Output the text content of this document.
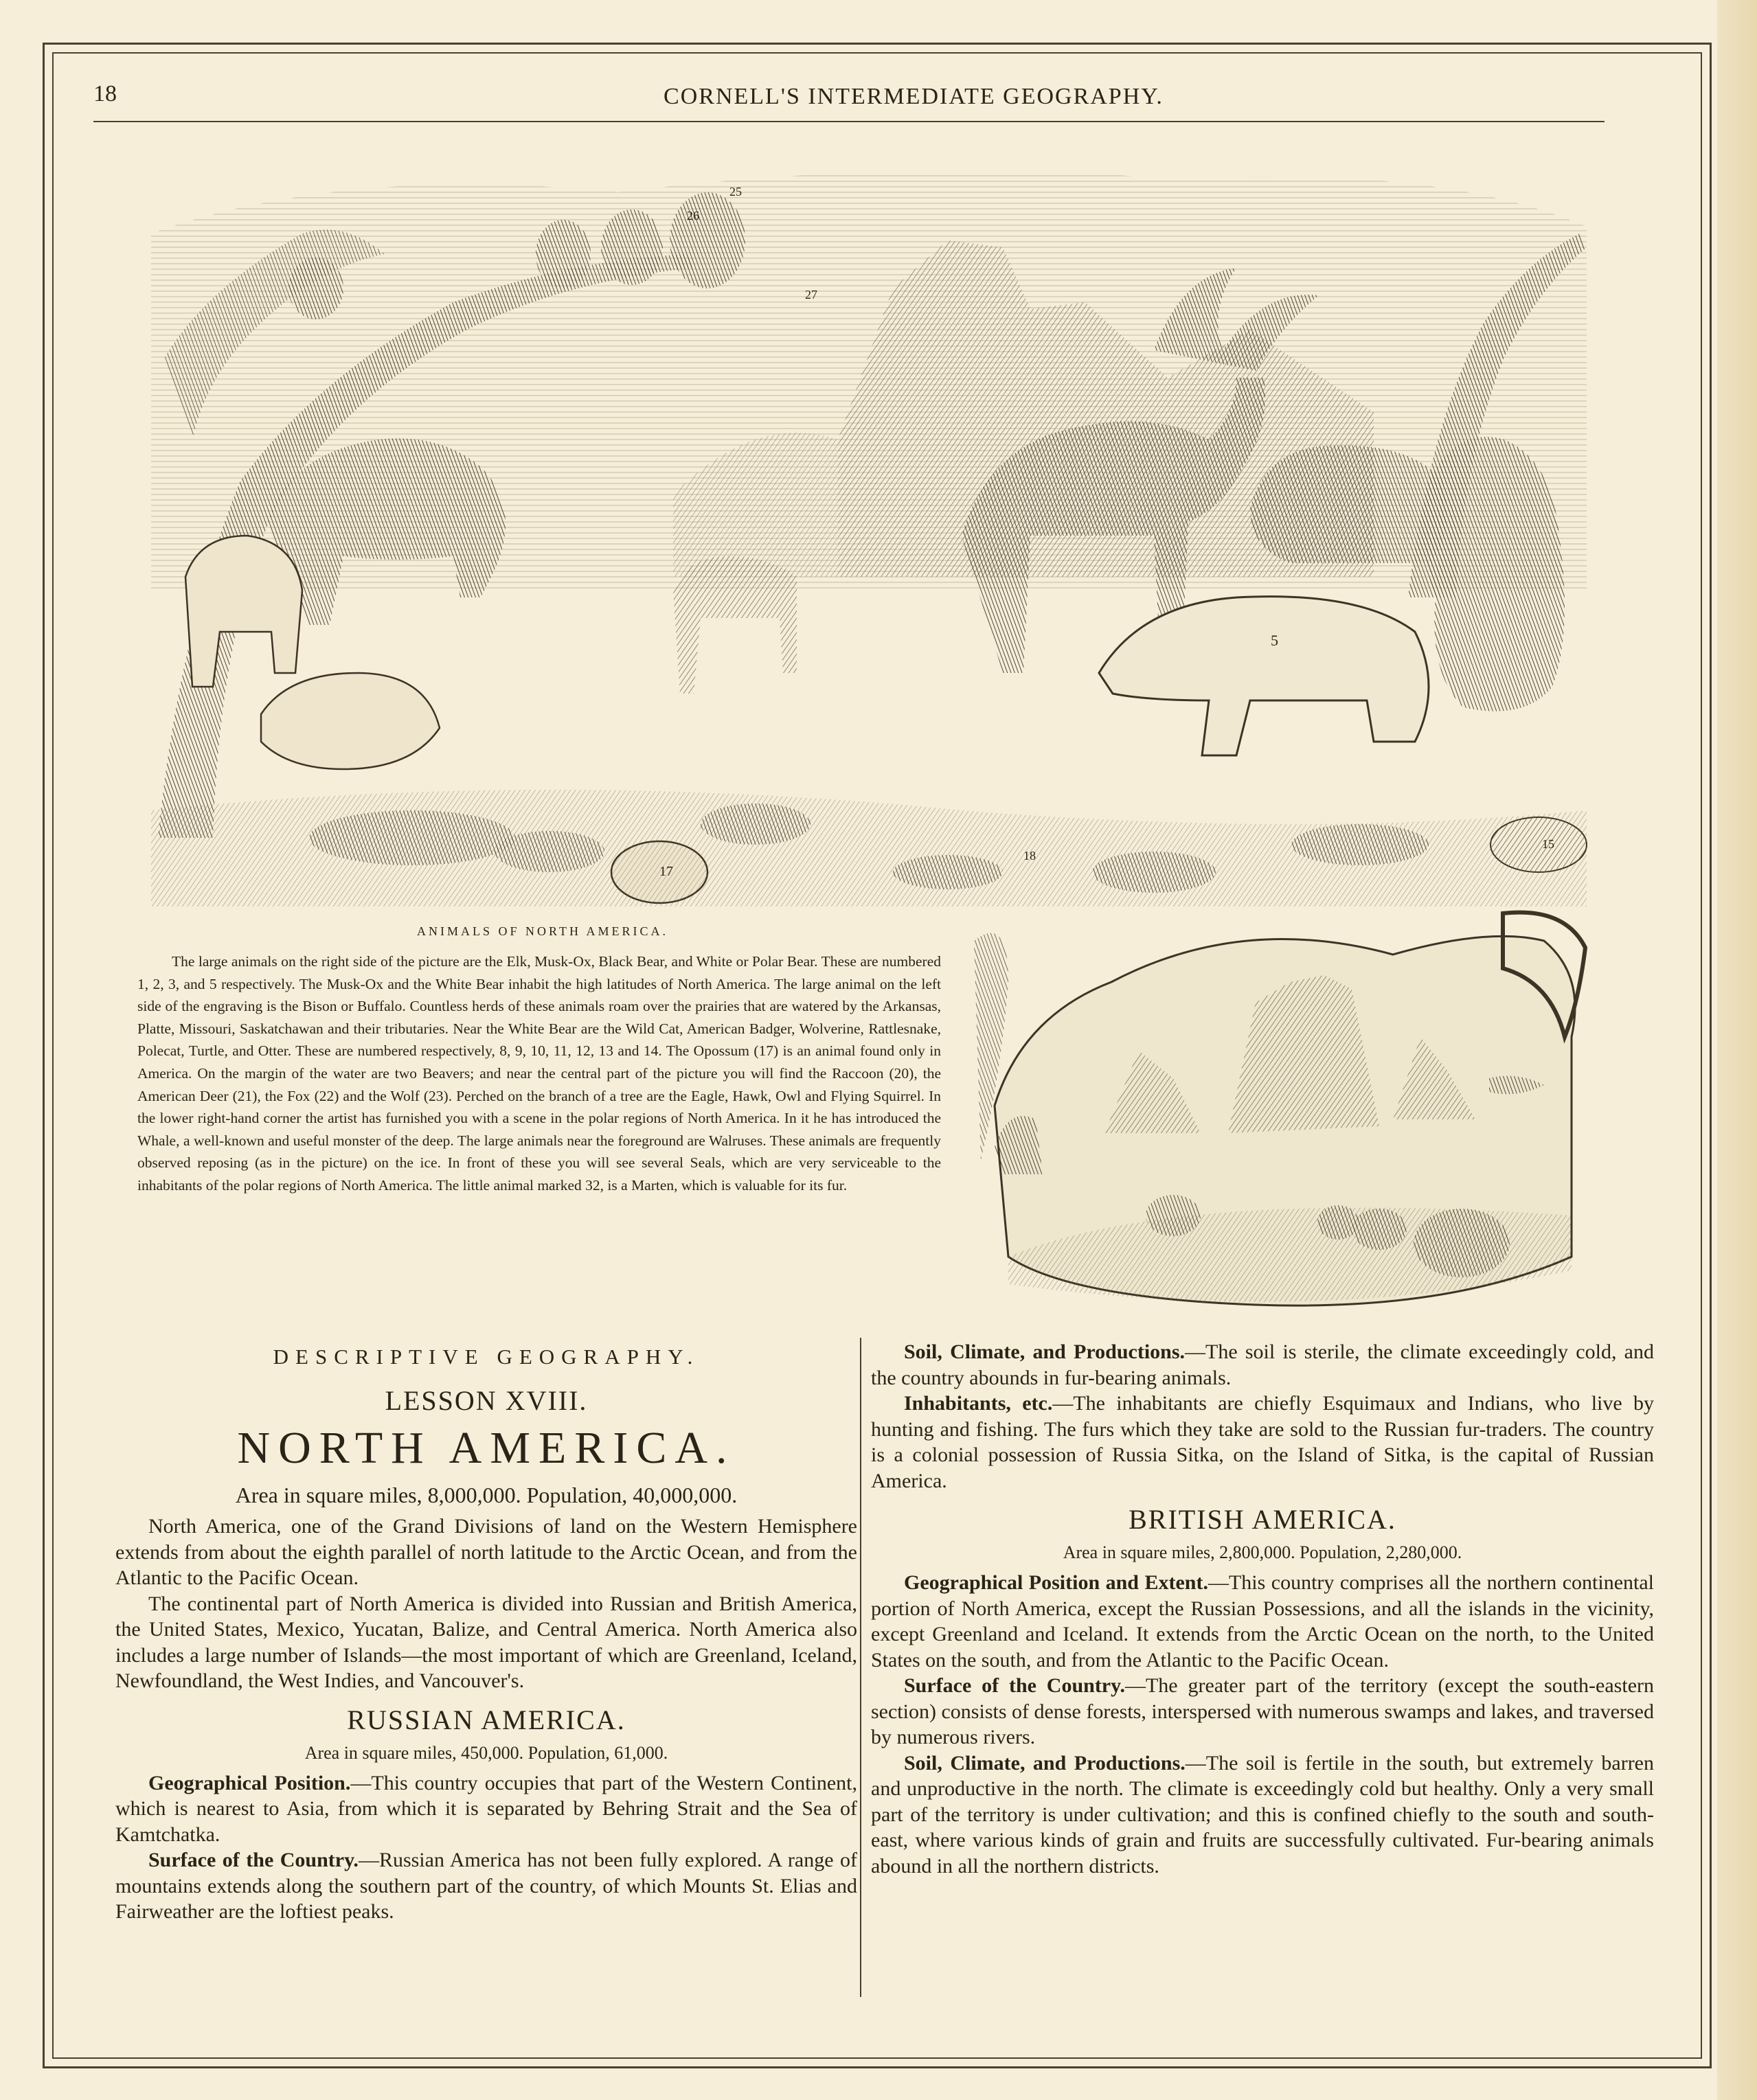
18	CORNELL'S INTERMEDIATE GEOGRAPHY.
25
26
27
5
17
18
15
ANIMALS OF NORTH AMERICA.

The large animals on the right side of the picture are the Elk, Musk-Ox, Black Bear, and White or Polar Bear. These are numbered 1, 2, 3, and 5 respectively. The Musk-Ox and the White Bear inhabit the high latitudes of North America. The large animal on the left side of the engraving is the Bison or Buffalo. Countless herds of these animals roam over the prairies that are watered by the Arkansas, Platte, Missouri, Saskatchawan and their tributaries. Near the White Bear are the Wild Cat, American Badger, Wolverine, Rattlesnake, Polecat, Turtle, and Otter. These are numbered respectively, 8, 9, 10, 11, 12, 13 and 14. The Opossum (17) is an animal found only in America. On the margin of the water are two Beavers; and near the central part of the picture you will find the Raccoon (20), the American Deer (21), the Fox (22) and the Wolf (23). Perched on the branch of a tree are the Eagle, Hawk, Owl and Flying Squirrel. In the lower right-hand corner the artist has furnished you with a scene in the polar regions of North America. In it he has introduced the Whale, a well-known and useful monster of the deep. The large animals near the foreground are Walruses. These animals are frequently observed reposing (as in the picture) on the ice. In front of these you will see several Seals, which are very serviceable to the inhabitants of the polar regions of North America. The little animal marked 32, is a Marten, which is valuable for its fur.

DESCRIPTIVE GEOGRAPHY.
LESSON XVIII.
NORTH AMERICA.
Area in square miles, 8,000,000. Population, 40,000,000.

North America, one of the Grand Divisions of land on the Western Hemisphere extends from about the eighth parallel of north latitude to the Arctic Ocean, and from the Atlantic to the Pacific Ocean.

The continental part of North America is divided into Russian and British America, the United States, Mexico, Yucatan, Balize, and Central America. North America also includes a large number of Islands—the most important of which are Greenland, Iceland, Newfoundland, the West Indies, and Vancouver's.

RUSSIAN AMERICA.
Area in square miles, 450,000. Population, 61,000.

Geographical Position.—This country occupies that part of the Western Continent, which is nearest to Asia, from which it is separated by Behring Strait and the Sea of Kamtchatka.

Surface of the Country.—Russian America has not been fully explored. A range of mountains extends along the southern part of the country, of which Mounts St. Elias and Fairweather are the loftiest peaks.

Soil, Climate, and Productions.—The soil is sterile, the climate exceedingly cold, and the country abounds in fur-bearing animals.

Inhabitants, etc.—The inhabitants are chiefly Esquimaux and Indians, who live by hunting and fishing. The furs which they take are sold to the Russian fur-traders. The country is a colonial possession of Russia Sitka, on the Island of Sitka, is the capital of Russian America.

BRITISH AMERICA.
Area in square miles, 2,800,000. Population, 2,280,000.

Geographical Position and Extent.—This country comprises all the northern continental portion of North America, except the Russian Possessions, and all the islands in the vicinity, except Greenland and Iceland. It extends from the Arctic Ocean on the north, to the United States on the south, and from the Atlantic to the Pacific Ocean.

Surface of the Country.—The greater part of the territory (except the south-eastern section) consists of dense forests, interspersed with numerous swamps and lakes, and traversed by numerous rivers.

Soil, Climate, and Productions.—The soil is fertile in the south, but extremely barren and unproductive in the north. The climate is exceedingly cold but healthy. Only a very small part of the territory is under cultivation; and this is confined chiefly to the south and south-east, where various kinds of grain and fruits are successfully cultivated. Fur-bearing animals abound in all the northern districts.
